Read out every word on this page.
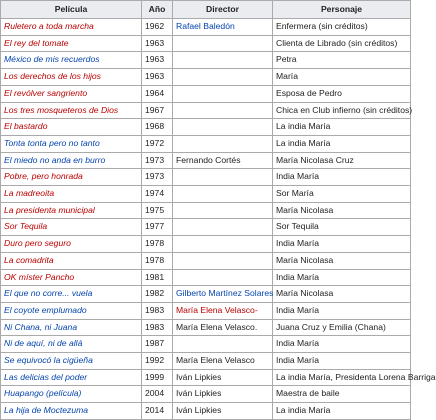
Película	Año	Director	Personaje
Ruletero a toda marcha	1962	Rafael Baledón	Enfermera (sin créditos)
El rey del tomate	1963		Clienta de Librado (sin créditos)
México de mis recuerdos	1963		Petra
Los derechos de los hijos	1963		María
El revólver sangriento	1964		Esposa de Pedro
Los tres mosqueteros de Dios	1967		Chica en Club infierno (sin créditos)
El bastardo	1968		La india María
Tonta tonta pero no tanto	1972		La india María
El miedo no anda en burro	1973	Fernando Cortés	María Nicolasa Cruz
Pobre, pero honrada	1973		India María
La madreoita	1974		Sor María
La presidenta municipal	1975		María Nicolasa
Sor Tequila	1977		Sor Tequila
Duro pero seguro	1978		India María
La comadrita	1978		María Nicolasa
OK míster Pancho	1981		India María
El que no corre... vuela	1982	Gilberto Martínez Solares	María Nicolasa
El coyote emplumado	1983	María Elena Velasco-	India María
Ni Chana, ni Juana	1983	María Elena Velasco.	Juana Cruz y Emilia (Chana)
Ni de aquí, ni de allá	1987		India María
Se equivocó la cigüeña	1992	María Elena Velasco	India María
Las delicias del poder	1999	Iván Lipkies	La india María, Presidenta Lorena Barriga
Huapango (película)	2004	Iván Lipkies	Maestra de baile
La hija de Moctezuma	2014	Iván Lipkies	La india María
